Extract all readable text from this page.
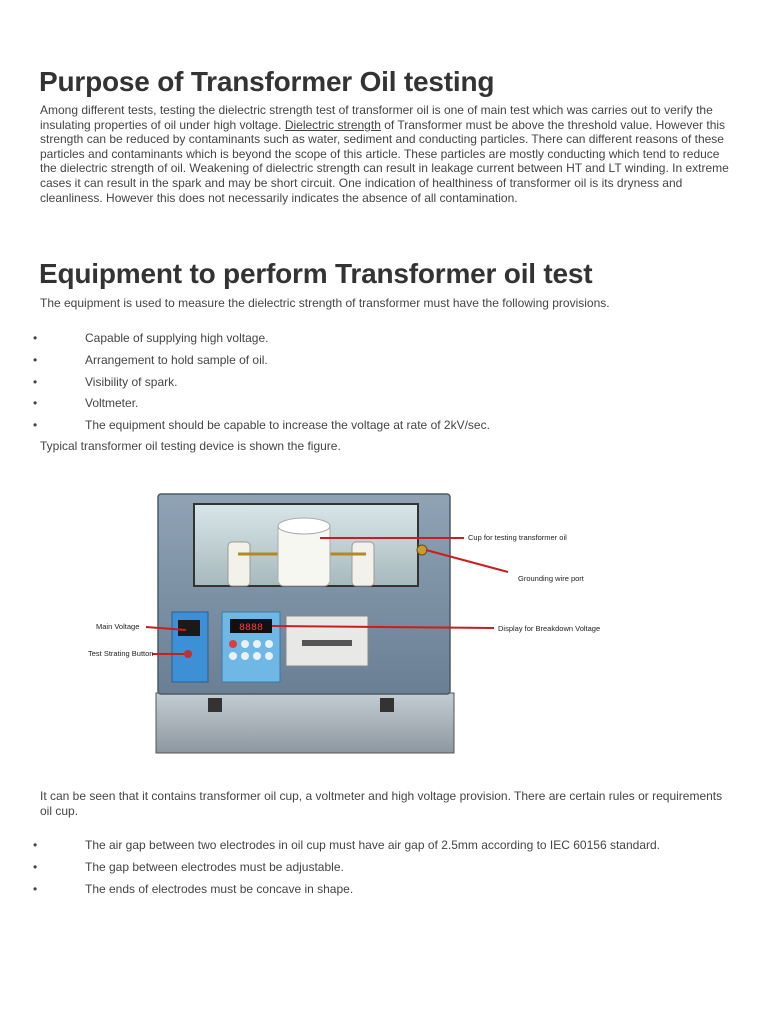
Purpose of Transformer Oil testing

Among different tests, testing the dielectric strength test of transformer oil is one of main test which was carries out to verify the insulating properties of oil under high voltage. Dielectric strength of Transformer must be above the threshold value. However this strength can be reduced by contaminants such as water, sediment and conducting particles. There can different reasons of these particles and contaminants which is beyond the scope of this article. These particles are mostly conducting which tend to reduce the dielectric strength of oil. Weakening of dielectric strength can result in leakage current between HT and LT winding. In extreme cases it can result in the spark and may be short circuit. One indication of healthiness of transformer oil is its dryness and cleanliness. However this does not necessarily indicates the absence of all contamination.

Equipment to perform Transformer oil test

The equipment is used to measure the dielectric strength of transformer must have the following provisions.

•	Capable of supplying high voltage.
•	Arrangement to hold sample of oil.
•	Visibility of spark.
•	Voltmeter.
•	The equipment should be capable to increase the voltage at rate of 2kV/sec.

Typical transformer oil testing device is shown the figure.

8888
Cup for testing transformer oil
Grounding wire port
Main Voltage
Test Strating Button
Display for Breakdown Voltage

It can be seen that it contains transformer oil cup, a voltmeter and high voltage provision. There are certain rules or requirements oil cup.

•	The air gap between two electrodes in oil cup must have air gap of 2.5mm according to IEC 60156 standard.
•	The gap between electrodes must be adjustable.
•	The ends of electrodes must be concave in shape.
